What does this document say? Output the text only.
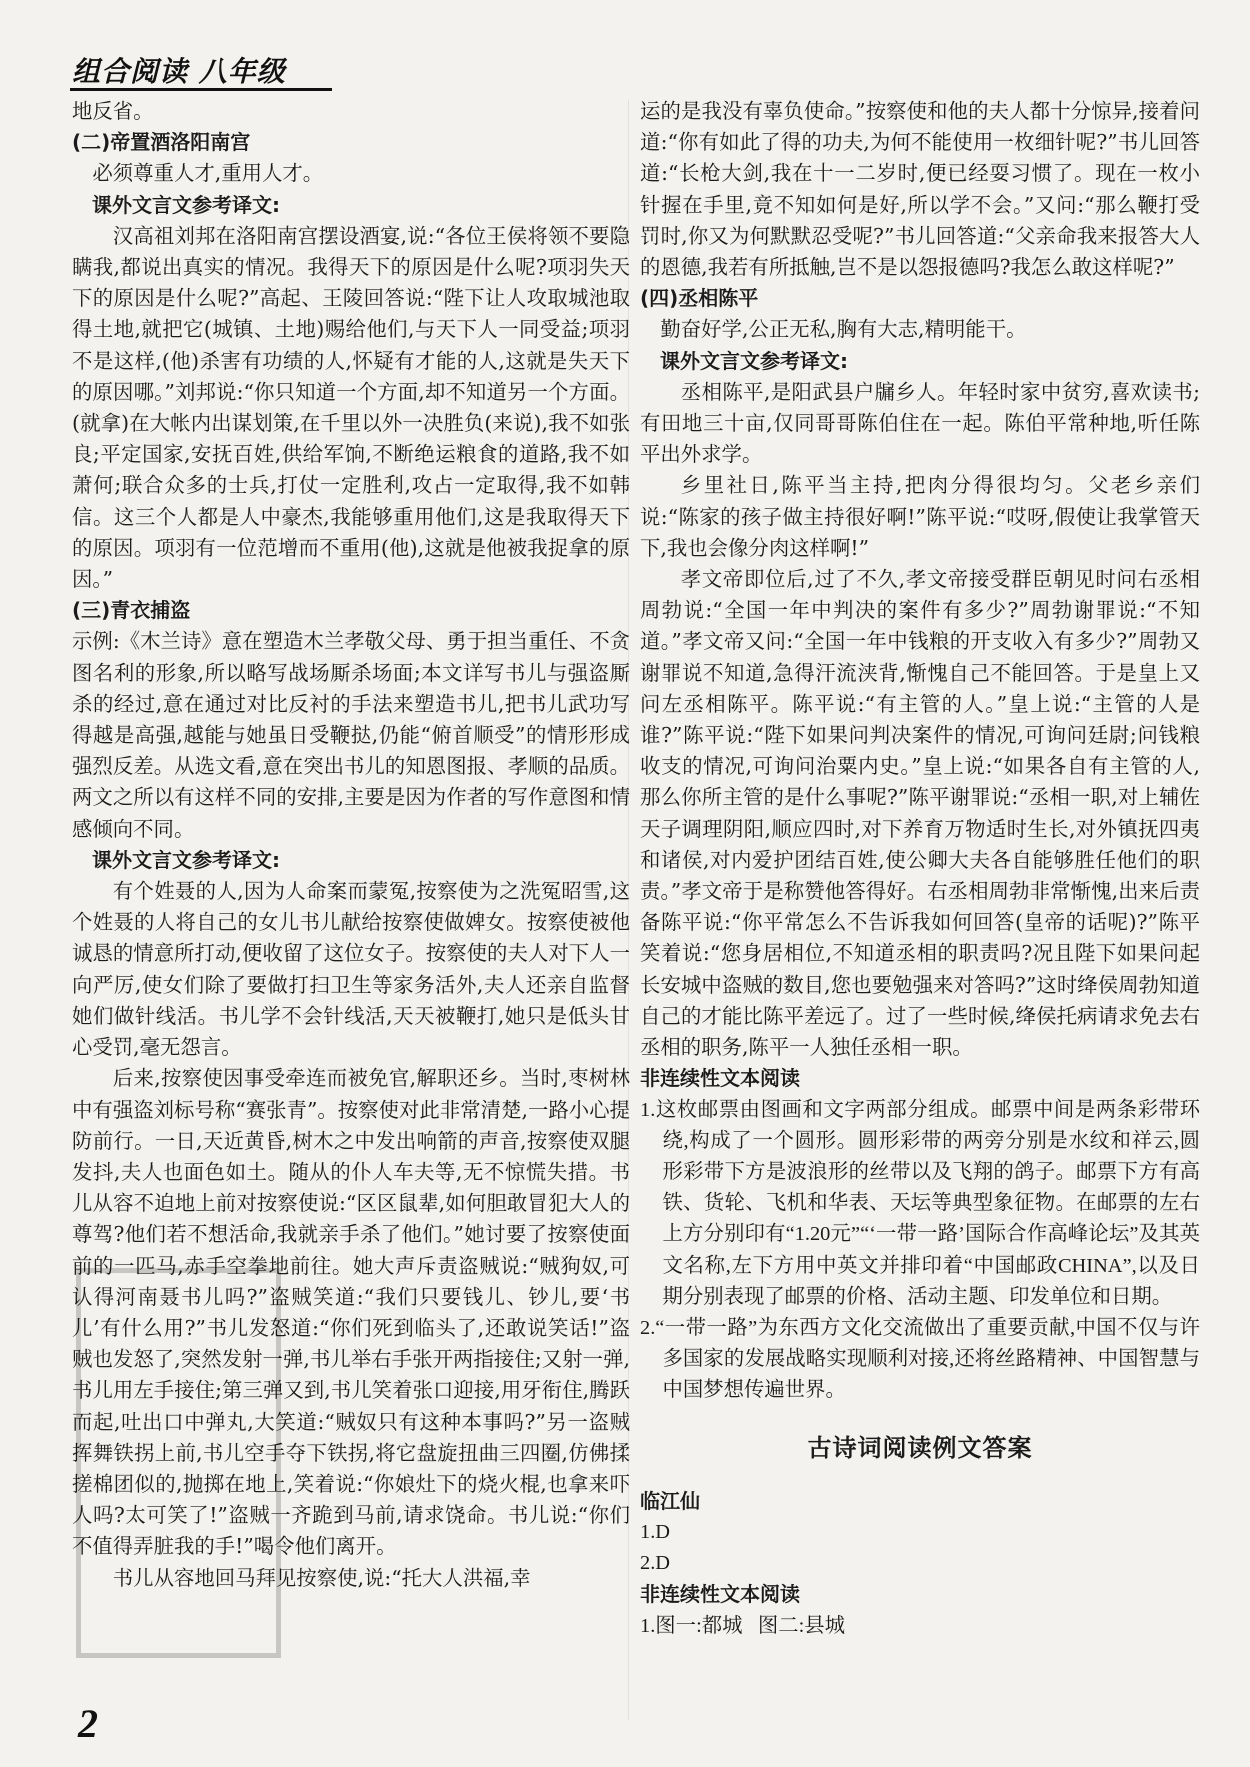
组合阅读 八年级

地反省。

(二)帝置酒洛阳南宫

必须尊重人才,重用人才。

课外文言文参考译文:

汉高祖刘邦在洛阳南宫摆设酒宴,说:“各位王侯将领不要隐瞒我,都说出真实的情况。我得天下的原因是什么呢?项羽失天下的原因是什么呢?”高起、王陵回答说:“陛下让人攻取城池取得土地,就把它(城镇、土地)赐给他们,与天下人一同受益;项羽不是这样,(他)杀害有功绩的人,怀疑有才能的人,这就是失天下的原因哪。”刘邦说:“你只知道一个方面,却不知道另一个方面。(就拿)在大帐内出谋划策,在千里以外一决胜负(来说),我不如张良;平定国家,安抚百姓,供给军饷,不断绝运粮食的道路,我不如萧何;联合众多的士兵,打仗一定胜利,攻占一定取得,我不如韩信。这三个人都是人中豪杰,我能够重用他们,这是我取得天下的原因。项羽有一位范增而不重用(他),这就是他被我捉拿的原因。”

(三)青衣捕盗

示例:《木兰诗》意在塑造木兰孝敬父母、勇于担当重任、不贪图名利的形象,所以略写战场厮杀场面;本文详写书儿与强盗厮杀的经过,意在通过对比反衬的手法来塑造书儿,把书儿武功写得越是高强,越能与她虽日受鞭挞,仍能“俯首顺受”的情形形成强烈反差。从选文看,意在突出书儿的知恩图报、孝顺的品质。两文之所以有这样不同的安排,主要是因为作者的写作意图和情感倾向不同。

课外文言文参考译文:

有个姓聂的人,因为人命案而蒙冤,按察使为之洗冤昭雪,这个姓聂的人将自己的女儿书儿献给按察使做婢女。按察使被他诚恳的情意所打动,便收留了这位女子。按察使的夫人对下人一向严厉,使女们除了要做打扫卫生等家务活外,夫人还亲自监督她们做针线活。书儿学不会针线活,天天被鞭打,她只是低头甘心受罚,毫无怨言。

后来,按察使因事受牵连而被免官,解职还乡。当时,枣树林中有强盗刘标号称“赛张青”。按察使对此非常清楚,一路小心提防前行。一日,天近黄昏,树木之中发出响箭的声音,按察使双腿发抖,夫人也面色如土。随从的仆人车夫等,无不惊慌失措。书儿从容不迫地上前对按察使说:“区区鼠辈,如何胆敢冒犯大人的尊驾?他们若不想活命,我就亲手杀了他们。”她讨要了按察使面前的一匹马,赤手空拳地前往。她大声斥责盗贼说:“贼狗奴,可认得河南聂书儿吗?”盗贼笑道:“我们只要钱儿、钞儿,要‘书儿’有什么用?”书儿发怒道:“你们死到临头了,还敢说笑话!”盗贼也发怒了,突然发射一弹,书儿举右手张开两指接住;又射一弹,书儿用左手接住;第三弹又到,书儿笑着张口迎接,用牙衔住,腾跃而起,吐出口中弹丸,大笑道:“贼奴只有这种本事吗?”另一盗贼挥舞铁拐上前,书儿空手夺下铁拐,将它盘旋扭曲三四圈,仿佛揉搓棉团似的,抛掷在地上,笑着说:“你娘灶下的烧火棍,也拿来吓人吗?太可笑了!”盗贼一齐跪到马前,请求饶命。书儿说:“你们不值得弄脏我的手!”喝令他们离开。

书儿从容地回马拜见按察使,说:“托大人洪福,幸

运的是我没有辜负使命。”按察使和他的夫人都十分惊异,接着问道:“你有如此了得的功夫,为何不能使用一枚细针呢?”书儿回答道:“长枪大剑,我在十一二岁时,便已经耍习惯了。现在一枚小针握在手里,竟不知如何是好,所以学不会。”又问:“那么鞭打受罚时,你又为何默默忍受呢?”书儿回答道:“父亲命我来报答大人的恩德,我若有所抵触,岂不是以怨报德吗?我怎么敢这样呢?”

(四)丞相陈平

勤奋好学,公正无私,胸有大志,精明能干。

课外文言文参考译文:

丞相陈平,是阳武县户牖乡人。年轻时家中贫穷,喜欢读书;有田地三十亩,仅同哥哥陈伯住在一起。陈伯平常种地,听任陈平出外求学。

乡里社日,陈平当主持,把肉分得很均匀。父老乡亲们说:“陈家的孩子做主持很好啊!”陈平说:“哎呀,假使让我掌管天下,我也会像分肉这样啊!”

孝文帝即位后,过了不久,孝文帝接受群臣朝见时问右丞相周勃说:“全国一年中判决的案件有多少?”周勃谢罪说:“不知道。”孝文帝又问:“全国一年中钱粮的开支收入有多少?”周勃又谢罪说不知道,急得汗流浃背,惭愧自己不能回答。于是皇上又问左丞相陈平。陈平说:“有主管的人。”皇上说:“主管的人是谁?”陈平说:“陛下如果问判决案件的情况,可询问廷尉;问钱粮收支的情况,可询问治粟内史。”皇上说:“如果各自有主管的人,那么你所主管的是什么事呢?”陈平谢罪说:“丞相一职,对上辅佐天子调理阴阳,顺应四时,对下养育万物适时生长,对外镇抚四夷和诸侯,对内爱护团结百姓,使公卿大夫各自能够胜任他们的职责。”孝文帝于是称赞他答得好。右丞相周勃非常惭愧,出来后责备陈平说:“你平常怎么不告诉我如何回答(皇帝的话呢)?”陈平笑着说:“您身居相位,不知道丞相的职责吗?况且陛下如果问起长安城中盗贼的数目,您也要勉强来对答吗?”这时绛侯周勃知道自己的才能比陈平差远了。过了一些时候,绛侯托病请求免去右丞相的职务,陈平一人独任丞相一职。

非连续性文本阅读

1.这枚邮票由图画和文字两部分组成。邮票中间是两条彩带环绕,构成了一个圆形。圆形彩带的两旁分别是水纹和祥云,圆形彩带下方是波浪形的丝带以及飞翔的鸽子。邮票下方有高铁、货轮、飞机和华表、天坛等典型象征物。在邮票的左右上方分别印有“1.20元”“‘一带一路’国际合作高峰论坛”及其英文名称,左下方用中英文并排印着“中国邮政CHINA”,以及日期分别表现了邮票的价格、活动主题、印发单位和日期。

2.“一带一路”为东西方文化交流做出了重要贡献,中国不仅与许多国家的发展战略实现顺利对接,还将丝路精神、中国智慧与中国梦想传遍世界。

古诗词阅读例文答案

临江仙

1.D

2.D

非连续性文本阅读

1.图一:都城   图二:县城

2
